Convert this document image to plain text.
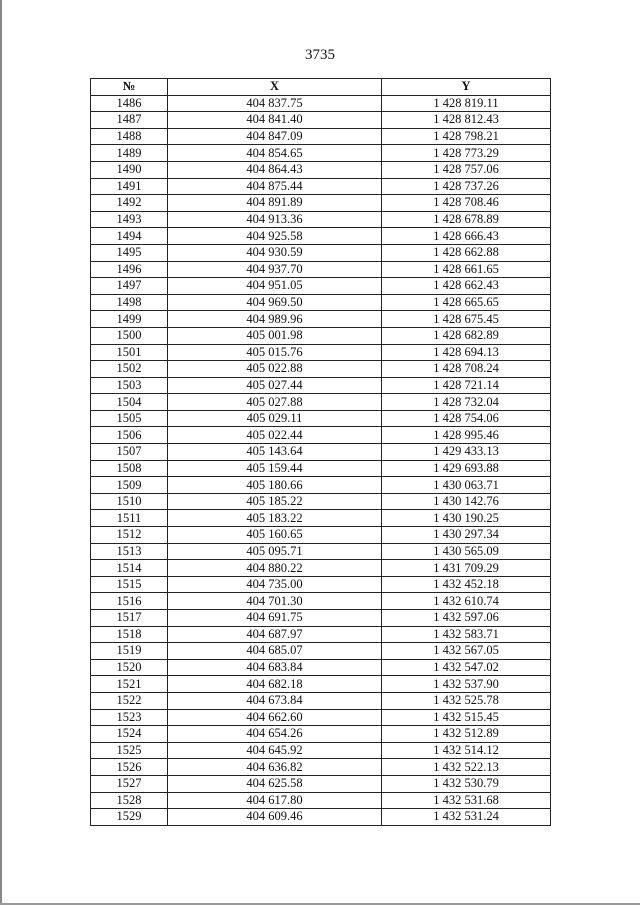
3735
№	X	Y
1486	404 837.75	1 428 819.11
1487	404 841.40	1 428 812.43
1488	404 847.09	1 428 798.21
1489	404 854.65	1 428 773.29
1490	404 864.43	1 428 757.06
1491	404 875.44	1 428 737.26
1492	404 891.89	1 428 708.46
1493	404 913.36	1 428 678.89
1494	404 925.58	1 428 666.43
1495	404 930.59	1 428 662.88
1496	404 937.70	1 428 661.65
1497	404 951.05	1 428 662.43
1498	404 969.50	1 428 665.65
1499	404 989.96	1 428 675.45
1500	405 001.98	1 428 682.89
1501	405 015.76	1 428 694.13
1502	405 022.88	1 428 708.24
1503	405 027.44	1 428 721.14
1504	405 027.88	1 428 732.04
1505	405 029.11	1 428 754.06
1506	405 022.44	1 428 995.46
1507	405 143.64	1 429 433.13
1508	405 159.44	1 429 693.88
1509	405 180.66	1 430 063.71
1510	405 185.22	1 430 142.76
1511	405 183.22	1 430 190.25
1512	405 160.65	1 430 297.34
1513	405 095.71	1 430 565.09
1514	404 880.22	1 431 709.29
1515	404 735.00	1 432 452.18
1516	404 701.30	1 432 610.74
1517	404 691.75	1 432 597.06
1518	404 687.97	1 432 583.71
1519	404 685.07	1 432 567.05
1520	404 683.84	1 432 547.02
1521	404 682.18	1 432 537.90
1522	404 673.84	1 432 525.78
1523	404 662.60	1 432 515.45
1524	404 654.26	1 432 512.89
1525	404 645.92	1 432 514.12
1526	404 636.82	1 432 522.13
1527	404 625.58	1 432 530.79
1528	404 617.80	1 432 531.68
1529	404 609.46	1 432 531.24
